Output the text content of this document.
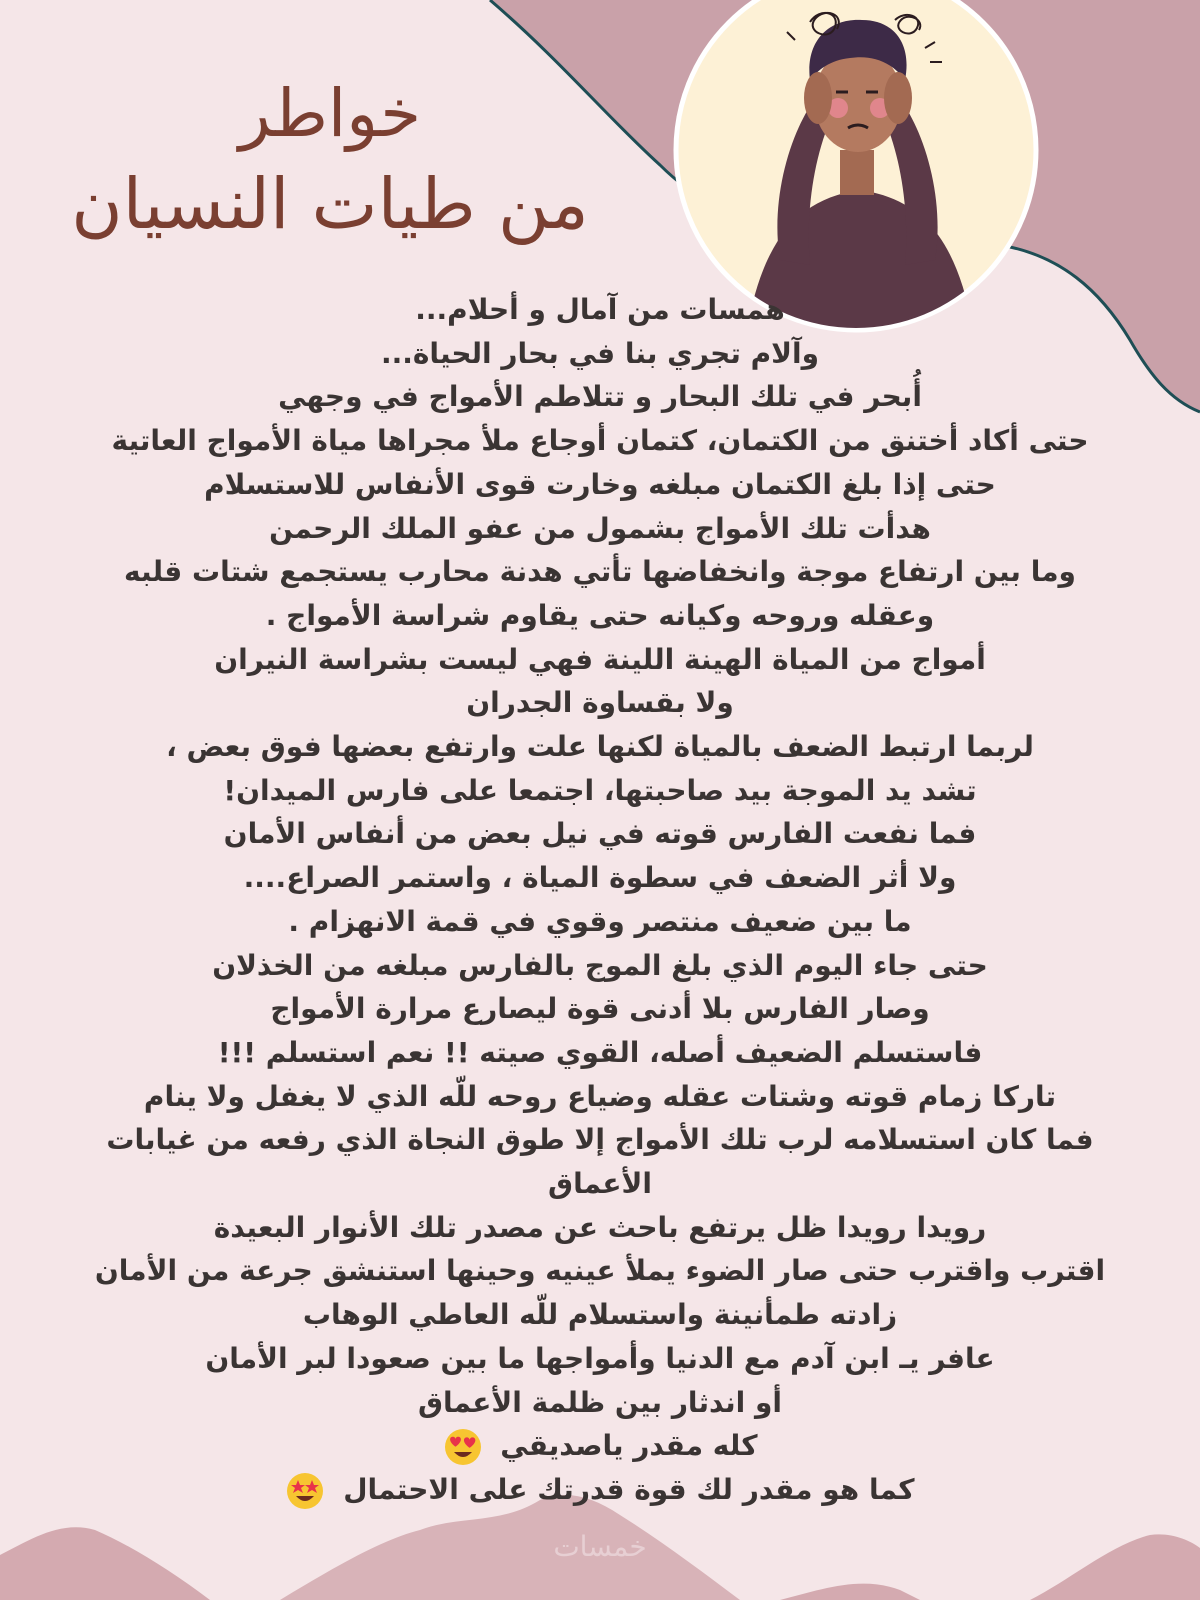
خواطر
من طيات النسيان
همسات من آمال و أحلام...
وآلام تجري بنا في بحار الحياة...
أُبحر في تلك البحار و تتلاطم الأمواج في وجهي
حتى أكاد أختنق من الكتمان، كتمان أوجاع ملأ مجراها مياة الأمواج العاتية
حتى إذا بلغ الكتمان مبلغه وخارت قوى الأنفاس للاستسلام
هدأت تلك الأمواج بشمول من عفو الملك الرحمن
وما بين ارتفاع موجة وانخفاضها تأتي هدنة محارب يستجمع شتات قلبه
وعقله وروحه وكيانه حتى يقاوم شراسة الأمواج .
أمواج من المياة الهينة اللينة فهي ليست بشراسة النيران
ولا بقساوة الجدران
لربما ارتبط الضعف بالمياة لكنها علت وارتفع بعضها فوق بعض ،
تشد يد الموجة بيد صاحبتها، اجتمعا على فارس الميدان!
فما نفعت الفارس قوته في نيل بعض من أنفاس الأمان
ولا أثر الضعف في سطوة المياة ، واستمر الصراع....
ما بين ضعيف منتصر وقوي في قمة الانهزام .
حتى جاء اليوم الذي بلغ الموج بالفارس مبلغه من الخذلان
وصار الفارس بلا أدنى قوة ليصارع مرارة الأمواج
فاستسلم الضعيف أصله، القوي صيته !! نعم استسلم !!!
تاركا زمام قوته وشتات عقله وضياع روحه للّه الذي لا يغفل ولا ينام
فما كان استسلامه لرب تلك الأمواج إلا طوق النجاة الذي رفعه من غيابات
الأعماق
رويدا رويدا ظل يرتفع باحث عن مصدر تلك الأنوار البعيدة
اقترب واقترب حتى صار الضوء يملأ عينيه وحينها استنشق جرعة من الأمان
زادته طمأنينة واستسلام للّه العاطي الوهاب
عافر يـ ابن آدم مع الدنيا وأمواجها ما بين صعودا لبر الأمان
أو اندثار بين ظلمة الأعماق
كله مقدر ياصديقي
كما هو مقدر لك قوة قدرتك على الاحتمال
خمسات
